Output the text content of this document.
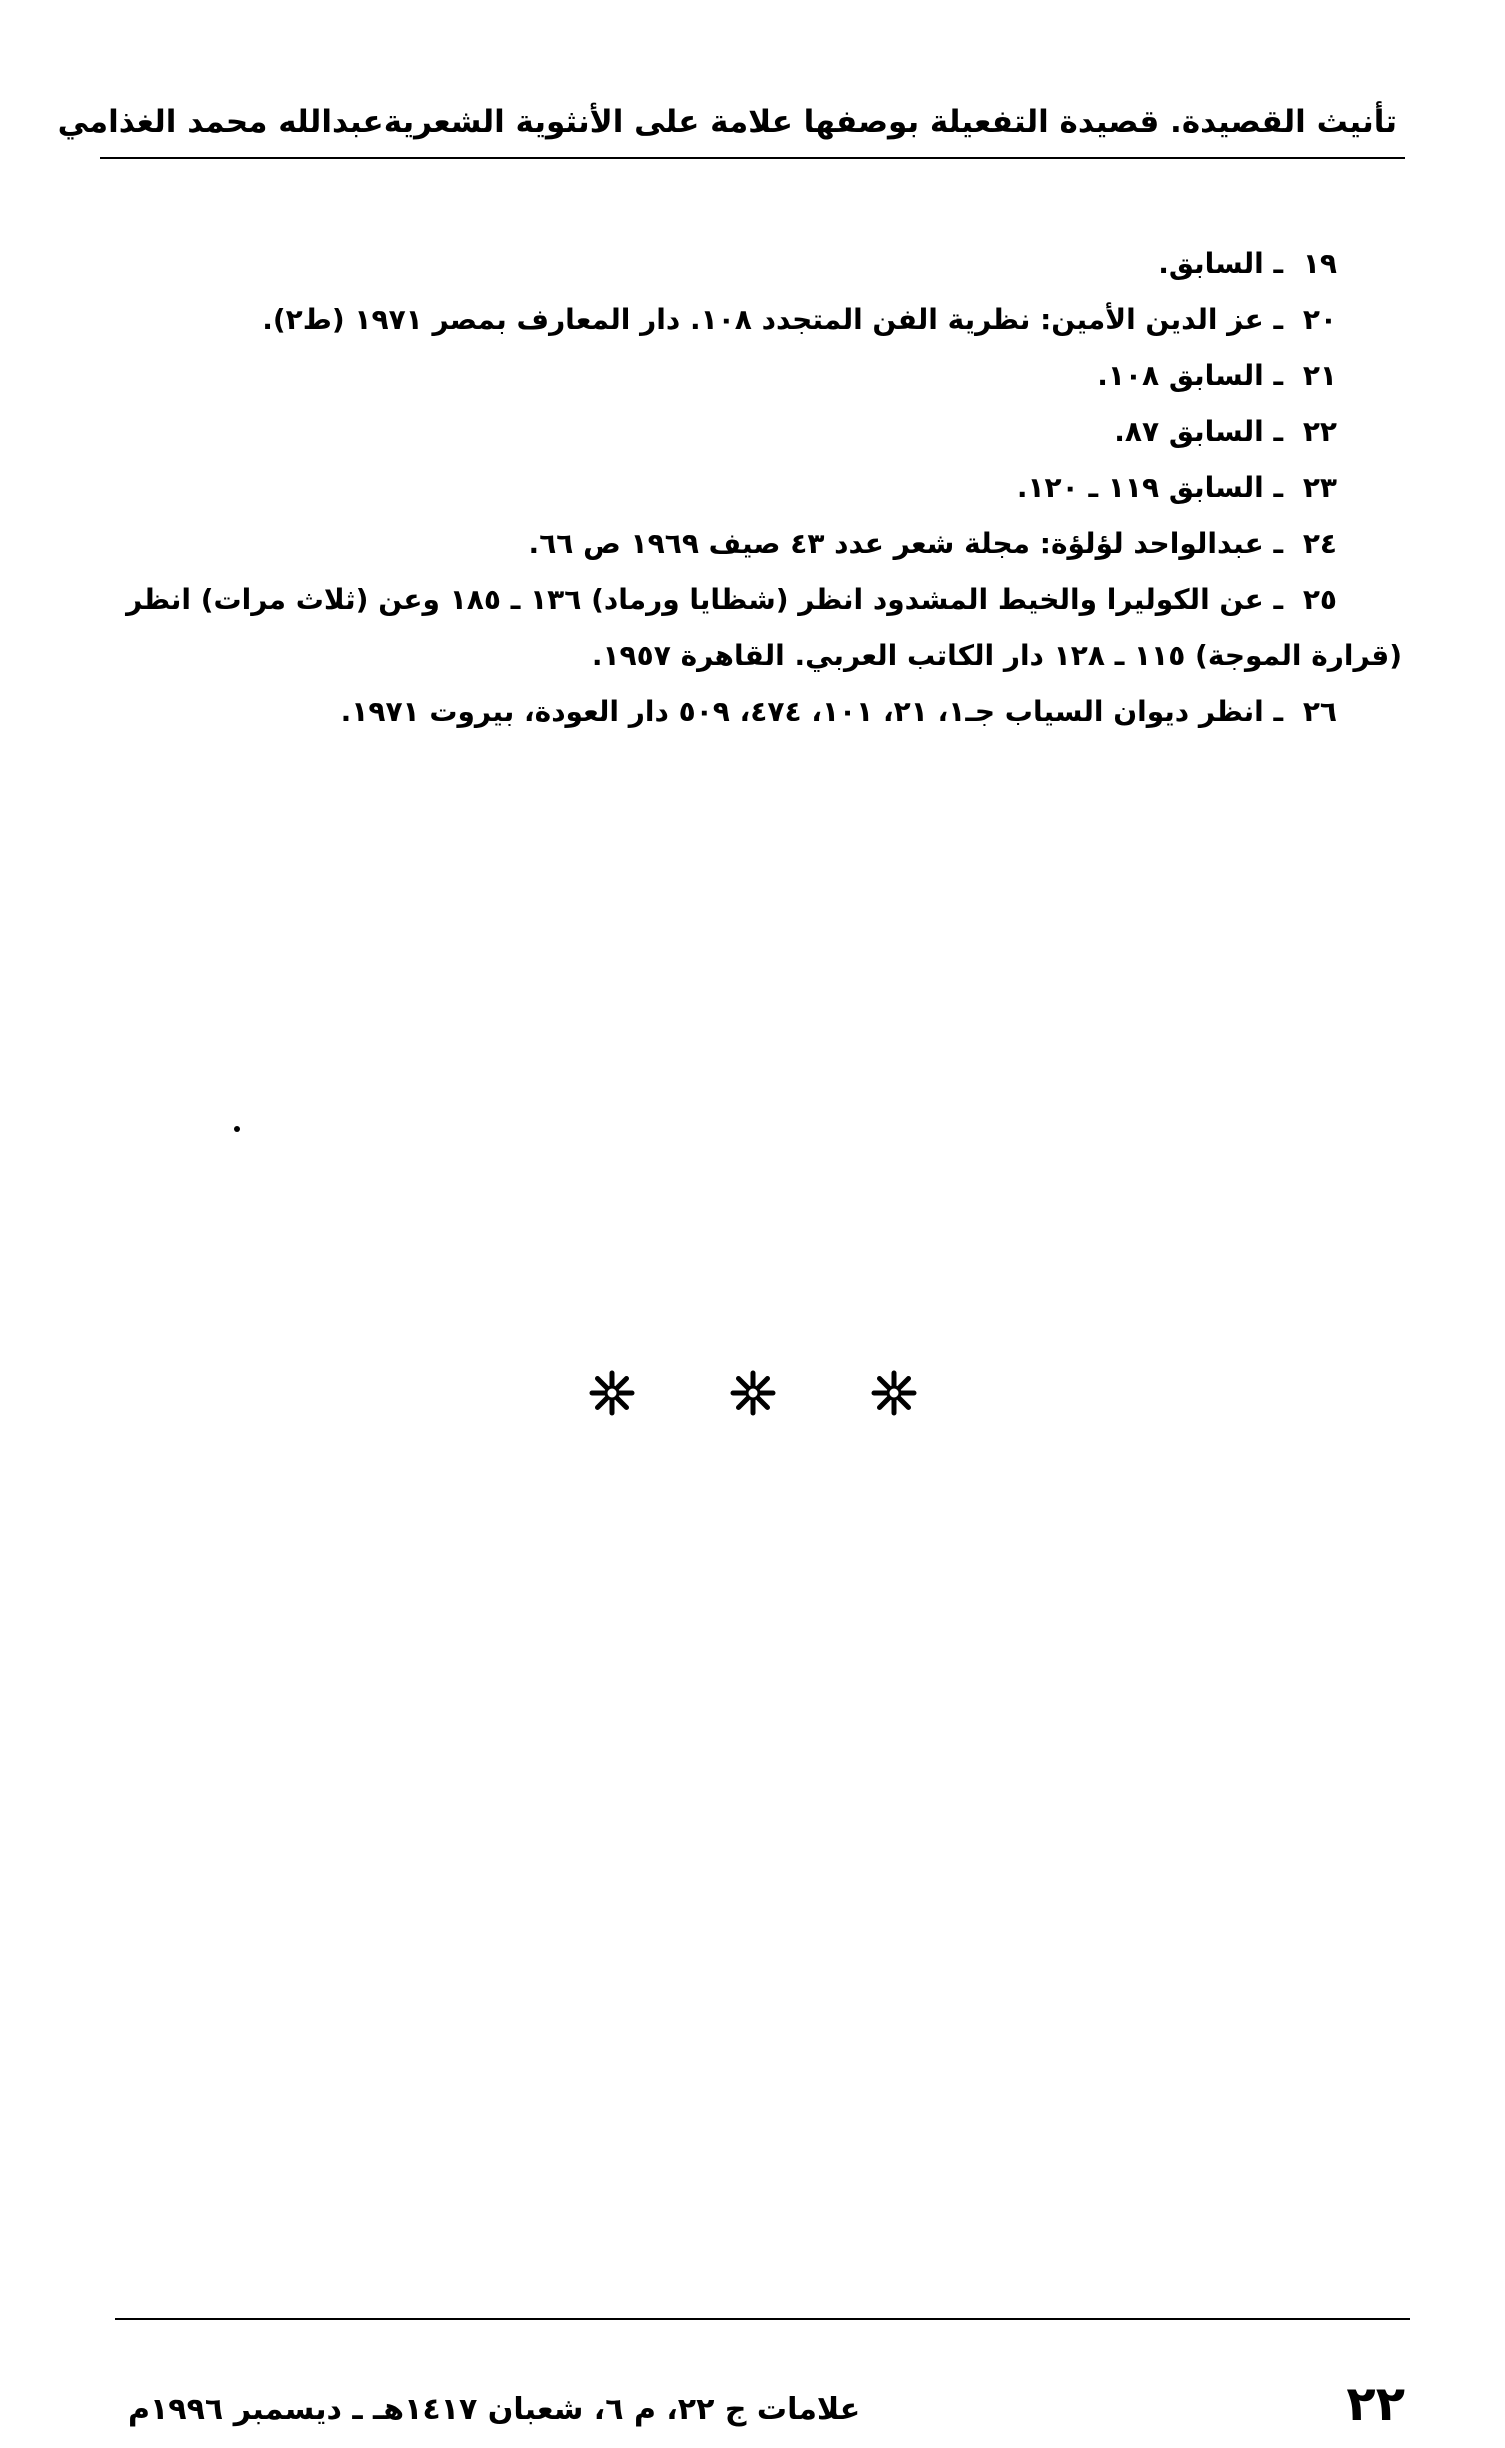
تأنيث القصيدة. قصيدة التفعيلة بوصفها علامة على الأنثوية الشعرية
عبدالله محمد الغذامي
١٩ ـ السابق.
٢٠ ـ عز الدين الأمين: نظرية الفن المتجدد ١٠٨. دار المعارف بمصر ١٩٧١ (ط٢).
٢١ ـ السابق ١٠٨.
٢٢ ـ السابق ٨٧.
٢٣ ـ السابق ١١٩ ـ ١٢٠.
٢٤ ـ عبدالواحد لؤلؤة: مجلة شعر عدد ٤٣ صيف ١٩٦٩ ص ٦٦.
٢٥ ـ عن الكوليرا والخيط المشدود انظر (شظايا ورماد) ١٣٦ ـ ١٨٥ وعن (ثلاث مرات) انظر
(قرارة الموجة) ١١٥ ـ ١٢٨ دار الكاتب العربي. القاهرة ١٩٥٧.
٢٦ ـ انظر ديوان السياب جـ١، ٢١، ١٠١، ٤٧٤، ٥٠٩ دار العودة، بيروت ١٩٧١.
علامات ج ٢٢، م ٦، شعبان ١٤١٧هـ ـ ديسمبر ١٩٩٦م	٢٢
